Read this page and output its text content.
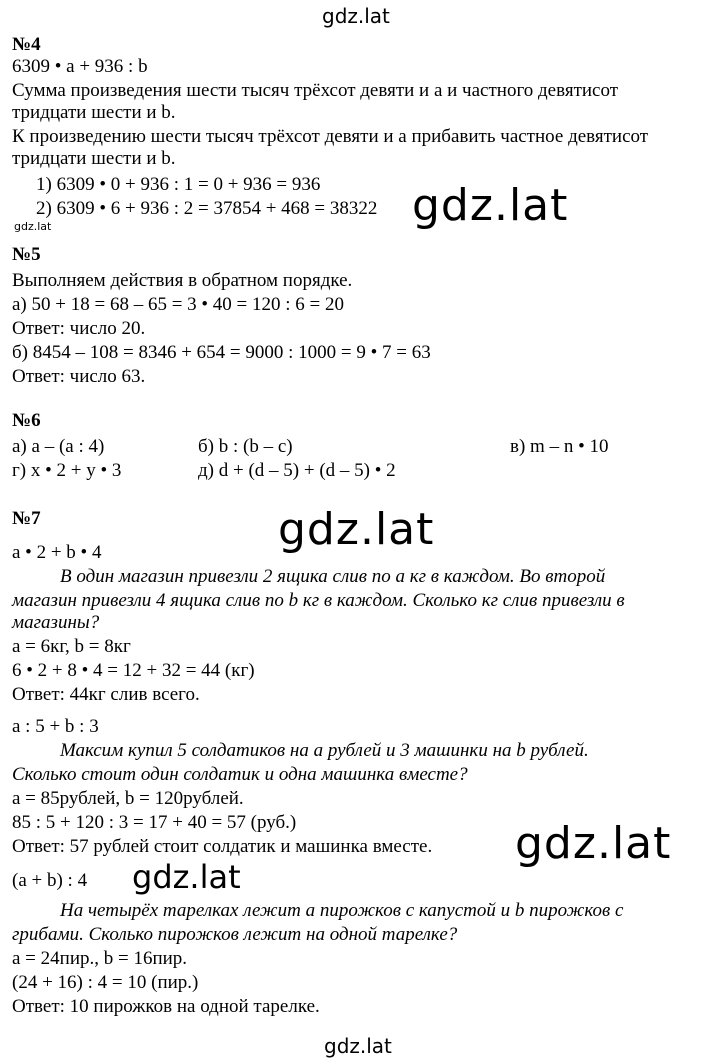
gdz.lat
gdz.lat	gdz.lat
gdz.lat
gdz.lat
gdz.lat
gdz.lat
№4
6309 • a + 936 : b
Сумма произведения шести тысяч трёхсот девяти и a и частного девятисот
тридцати шести и b.
К произведению шести тысяч трёхсот девяти и a прибавить частное девятисот
тридцати шести и b.
1) 6309 • 0 + 936 : 1 = 0 + 936 = 936
2) 6309 • 6 + 936 : 2 = 37854 + 468 = 38322
№5
Выполняем действия в обратном порядке.
а) 50 + 18 = 68 – 65 = 3 • 40 = 120 : 6 = 20
Ответ: число 20.
б) 8454 – 108 = 8346 + 654 = 9000 : 1000 = 9 • 7 = 63
Ответ: число 63.
№6
а) a – (a : 4)	б) b : (b – c)	в) m – n • 10
г) x • 2 + y • 3	д) d + (d – 5) + (d – 5) • 2
№7
a • 2 + b • 4
В один магазин привезли 2 ящика слив по a кг в каждом. Во второй
магазин привезли 4 ящика слив по b кг в каждом. Сколько кг слив привезли в
магазины?
a = 6кг, b = 8кг
6 • 2 + 8 • 4 = 12 + 32 = 44 (кг)
Ответ: 44кг слив всего.
a : 5 + b : 3
Максим купил 5 солдатиков на a рублей и 3 машинки на b рублей.
Сколько стоит один солдатик и одна машинка вместе?
a = 85рублей, b = 120рублей.
85 : 5 + 120 : 3 = 17 + 40 = 57 (руб.)
Ответ: 57 рублей стоит солдатик и машинка вместе.
(a + b) : 4
На четырёх тарелках лежит a пирожков с капустой и b пирожков с
грибами. Сколько пирожков лежит на одной тарелке?
a = 24пир., b = 16пир.
(24 + 16) : 4 = 10 (пир.)
Ответ: 10 пирожков на одной тарелке.
